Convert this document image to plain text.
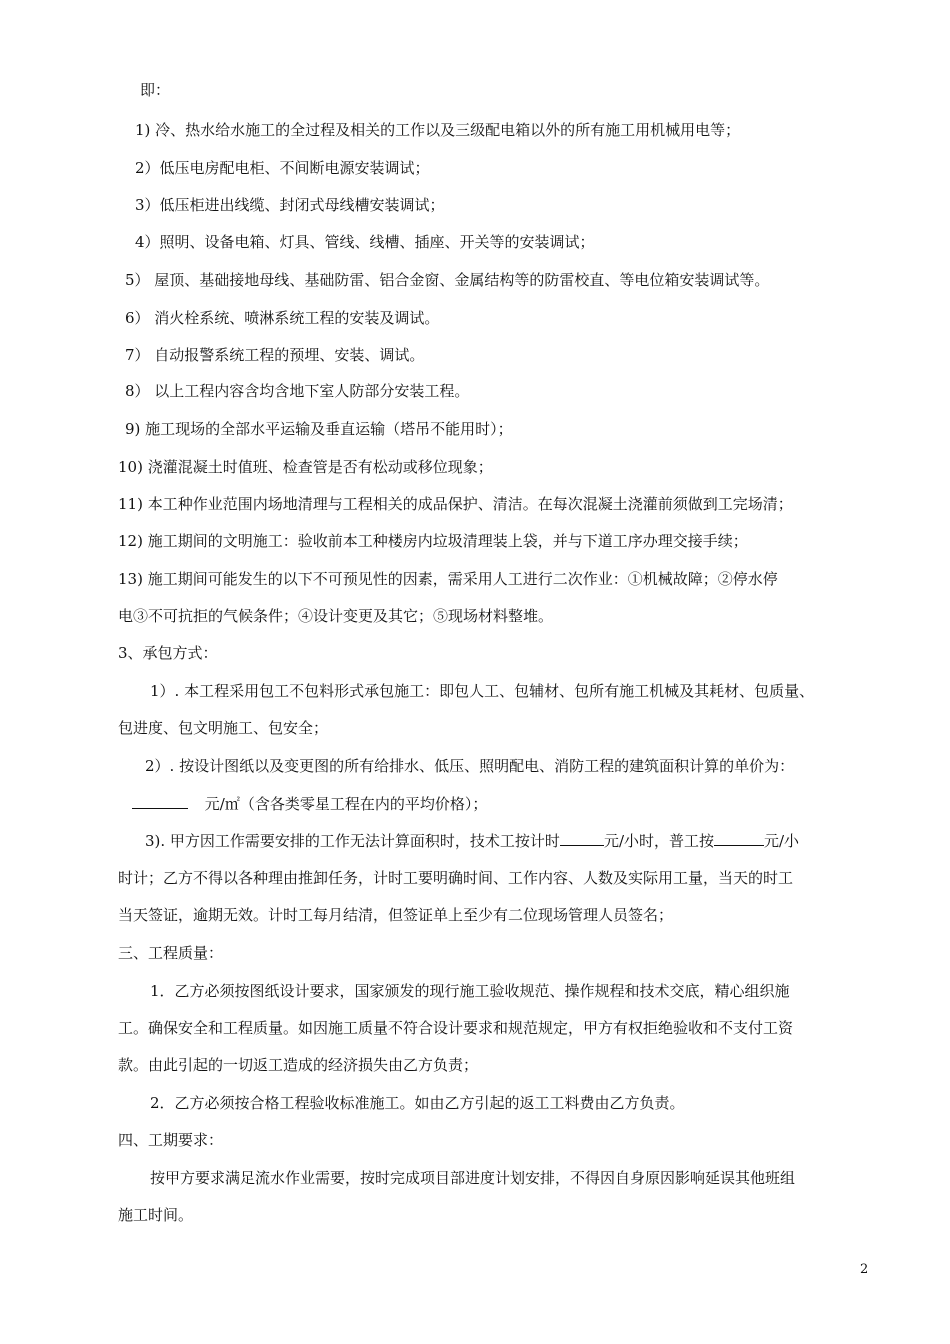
即：
1) 冷、热水给水施工的全过程及相关的工作以及三级配电箱以外的所有施工用机械用电等；
2）低压电房配电柜、不间断电源安装调试；
3）低压柜进出线缆、封闭式母线槽安装调试；
4）照明、设备电箱、灯具、管线、线槽、插座、开关等的安装调试；
5） 屋顶、基础接地母线、基础防雷、铝合金窗、金属结构等的防雷校直、等电位箱安装调试等。
6） 消火栓系统、喷淋系统工程的安装及调试。
7） 自动报警系统工程的预埋、安装、调试。
8） 以上工程内容含均含地下室人防部分安装工程。
9) 施工现场的全部水平运输及垂直运输（塔吊不能用时）；
10) 浇灌混凝土时值班、检查管是否有松动或移位现象；
11) 本工种作业范围内场地清理与工程相关的成品保护、清洁。在每次混凝土浇灌前须做到工完场清；
12) 施工期间的文明施工：验收前本工种楼房内垃圾清理装上袋，并与下道工序办理交接手续；
13) 施工期间可能发生的以下不可预见性的因素，需采用人工进行二次作业：①机械故障；②停水停
电③不可抗拒的气候条件；④设计变更及其它；⑤现场材料整堆。
3、承包方式：
1）. 本工程采用包工不包料形式承包施工：即包人工、包辅材、包所有施工机械及其耗材、包质量、
包进度、包文明施工、包安全；
2）. 按设计图纸以及变更图的所有给排水、低压、照明配电、消防工程的建筑面积计算的单价为：
元/㎡（含各类零星工程在内的平均价格）；
3). 甲方因工作需要安排的工作无法计算面积时，技术工按计时	元/小时，普工按	元/小
时计；乙方不得以各种理由推卸任务，计时工要明确时间、工作内容、人数及实际用工量，当天的时工
当天签证，逾期无效。计时工每月结清，但签证单上至少有二位现场管理人员签名；
三、工程质量：
1．乙方必须按图纸设计要求，国家颁发的现行施工验收规范、操作规程和技术交底，精心组织施
工。确保安全和工程质量。如因施工质量不符合设计要求和规范规定，甲方有权拒绝验收和不支付工资
款。由此引起的一切返工造成的经济损失由乙方负责；
2．乙方必须按合格工程验收标准施工。如由乙方引起的返工工料费由乙方负责。
四、工期要求：
按甲方要求满足流水作业需要，按时完成项目部进度计划安排，不得因自身原因影响延误其他班组
施工时间。
2
